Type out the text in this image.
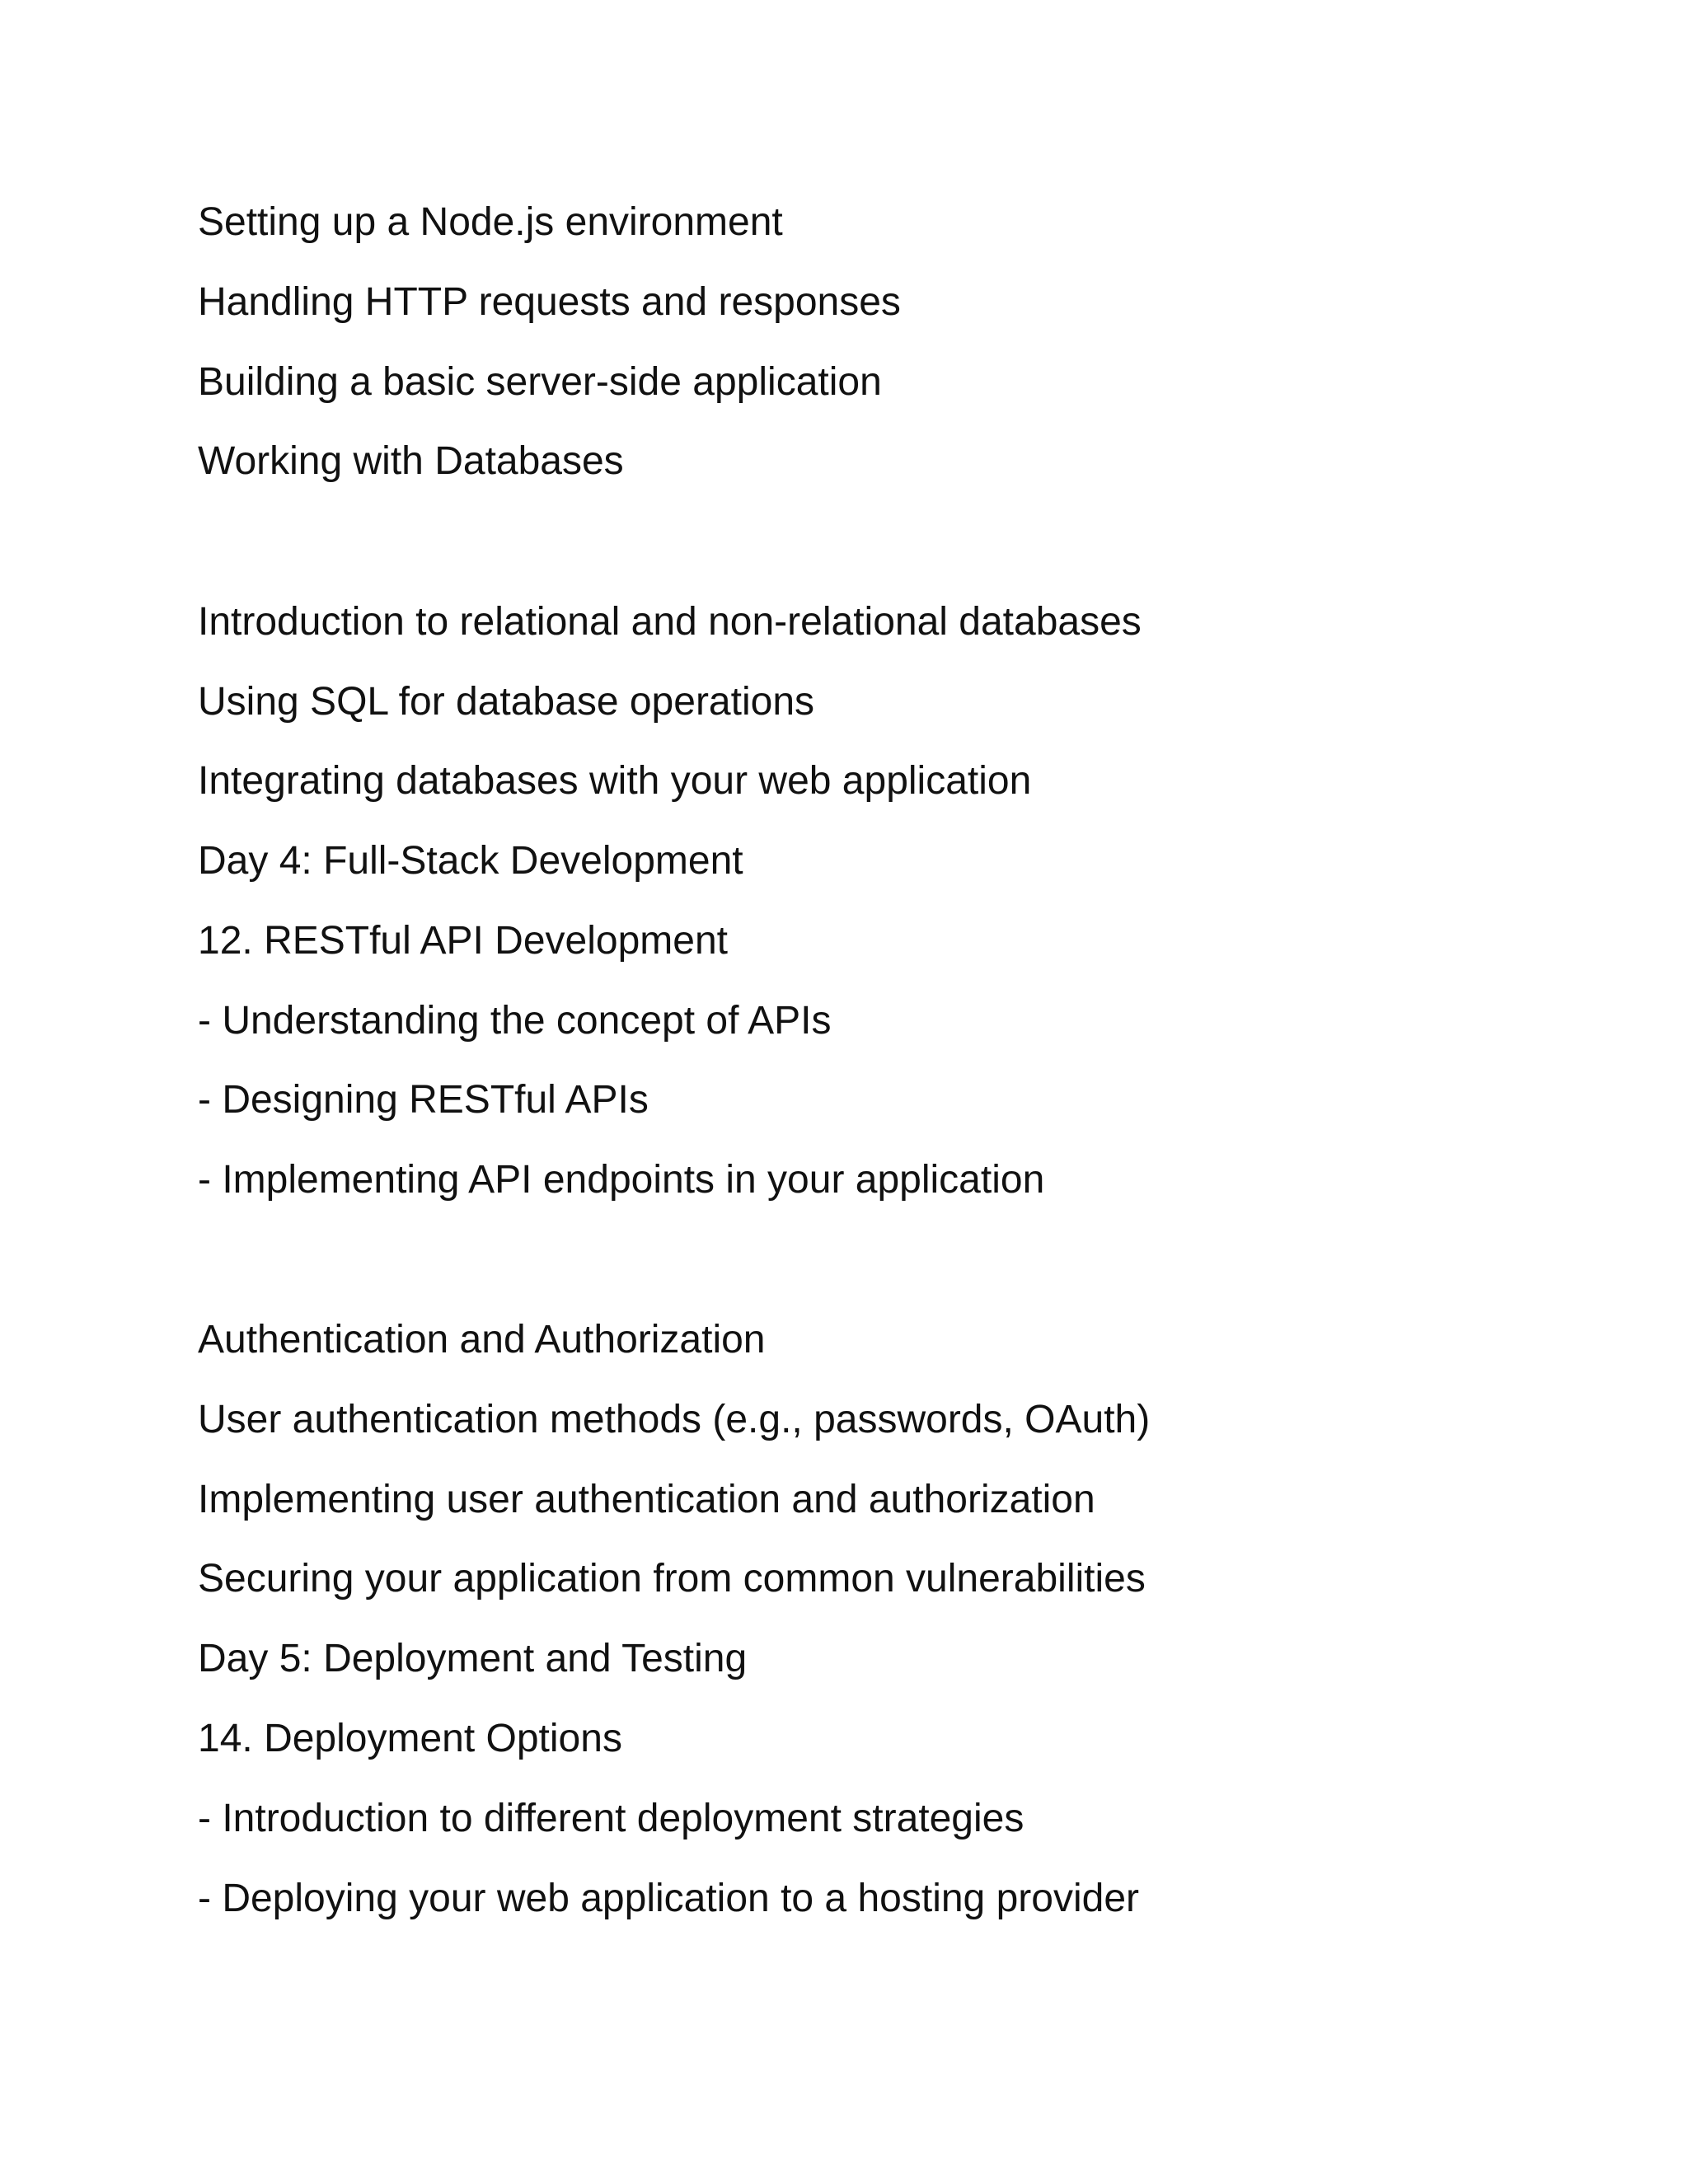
Setting up a Node.js environment

Handling HTTP requests and responses

Building a basic server-side application

Working with Databases

Introduction to relational and non-relational databases

Using SQL for database operations

Integrating databases with your web application

Day 4: Full-Stack Development

12. RESTful API Development

- Understanding the concept of APIs

- Designing RESTful APIs

- Implementing API endpoints in your application

Authentication and Authorization

User authentication methods (e.g., passwords, OAuth)

Implementing user authentication and authorization

Securing your application from common vulnerabilities

Day 5: Deployment and Testing

14. Deployment Options

- Introduction to different deployment strategies

- Deploying your web application to a hosting provider
